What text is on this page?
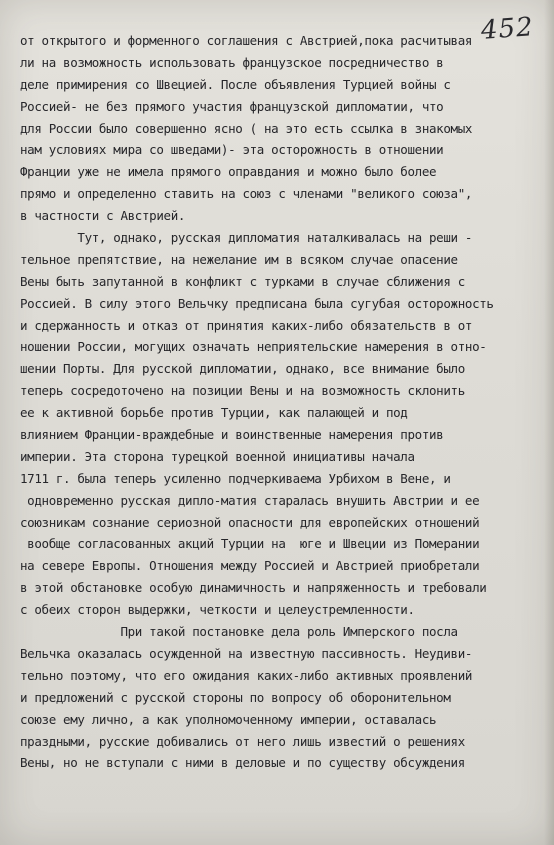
452
от открытого и форменного соглашения с Австрией,пока расчитывая
ли на возможность использовать французское посредничество в
деле примирения со Швецией. После объявления Турцией войны с
Россией- не без прямого участия французской дипломатии, что
для России было совершенно ясно ( на это есть ссылка в знакомых
нам условиях мира со шведами)- эта осторожность в отношении
Франции уже не имела прямого оправдания и можно было более
прямо и определенно ставить на союз с членами "великого союза",
в частности с Австрией.
Тут, однако, русская дипломатия наталкивалась на реши -
тельное препятствие, на нежелание им в всяком случае опасение
Вены быть запутанной в конфликт с турками в случае сближения с
Россией. В силу этого Вельчку предписана была сугубая осторожность
и сдержанность и отказ от принятия каких-либо обязательств в от
ношении России, могущих означать неприятельские намерения в отно-
шении Порты. Для русской дипломатии, однако, все внимание было
теперь сосредоточено на позиции Вены и на возможность склонить
ее к активной борьбе против Турции, как палающей и под
влиянием Франции-враждебные и воинственные намерения против
империи. Эта сторона турецкой военной инициативы начала
1711 г. была теперь усиленно подчеркиваема Урбихом в Вене, и
одновременно русская дипло-матия старалась внушить Австрии и ее
союзникам сознание сериозной опасности для европейских отношений
вообще согласованных акций Турции на  юге и Швеции из Померании
на севере Европы. Отношения между Россией и Австрией приобретали
в этой обстановке особую динамичность и напряженность и требовали
с обеих сторон выдержки, четкости и целеустремленности.
При такой постановке дела роль Имперского посла
Вельчка оказалась осужденной на известную пассивность. Неудиви-
тельно поэтому, что его ожидания каких-либо активных проявлений
и предложений с русской стороны по вопросу об оборонительном
союзе ему лично, а как уполномоченному империи, оставалась
праздными, русские добивались от него лишь известий о решениях
Вены, но не вступали с ними в деловые и по существу обсуждения
